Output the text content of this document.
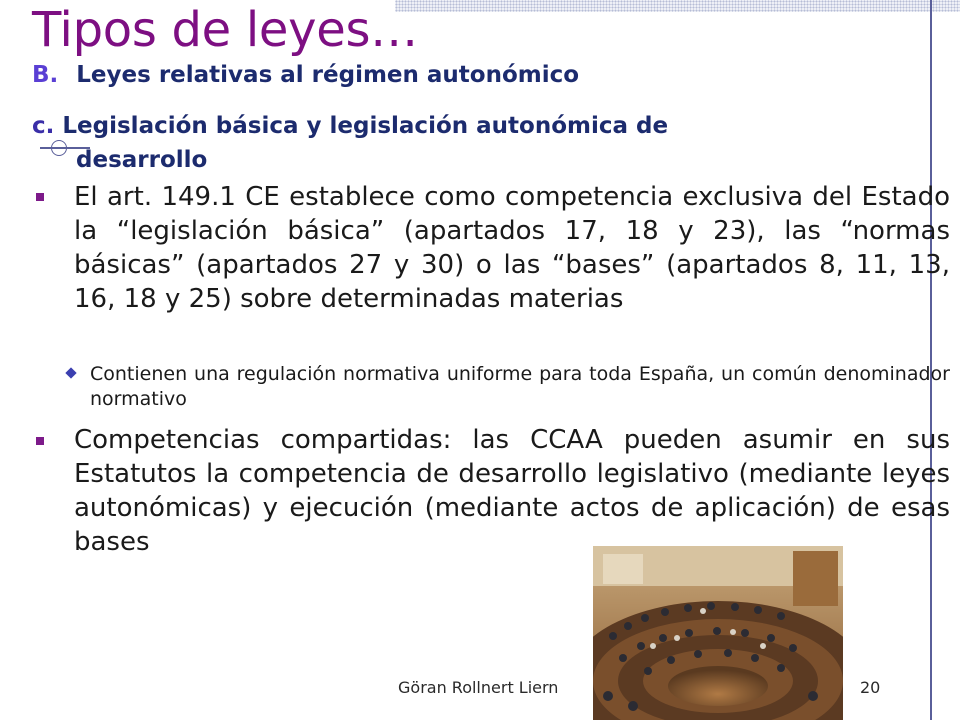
Tipos de leyes…
B. Leyes relativas al régimen autonómico
c. Legislación básica y legislación autonómica de
desarrollo
El art. 149.1 CE establece como competencia exclusiva del Estado la “legislación básica” (apartados 17, 18 y 23), las “normas básicas” (apartados 27 y 30) o las “bases” (apartados 8, 11, 13, 16, 18 y 25) sobre determinadas materias
Contienen una regulación normativa uniforme para toda España, un común denominador normativo
Competencias compartidas: las CCAA pueden asumir en sus Estatutos la competencia de desarrollo legislativo (mediante leyes autonómicas) y ejecución (mediante actos de aplicación) de esas bases
Göran Rollnert Liern	20
